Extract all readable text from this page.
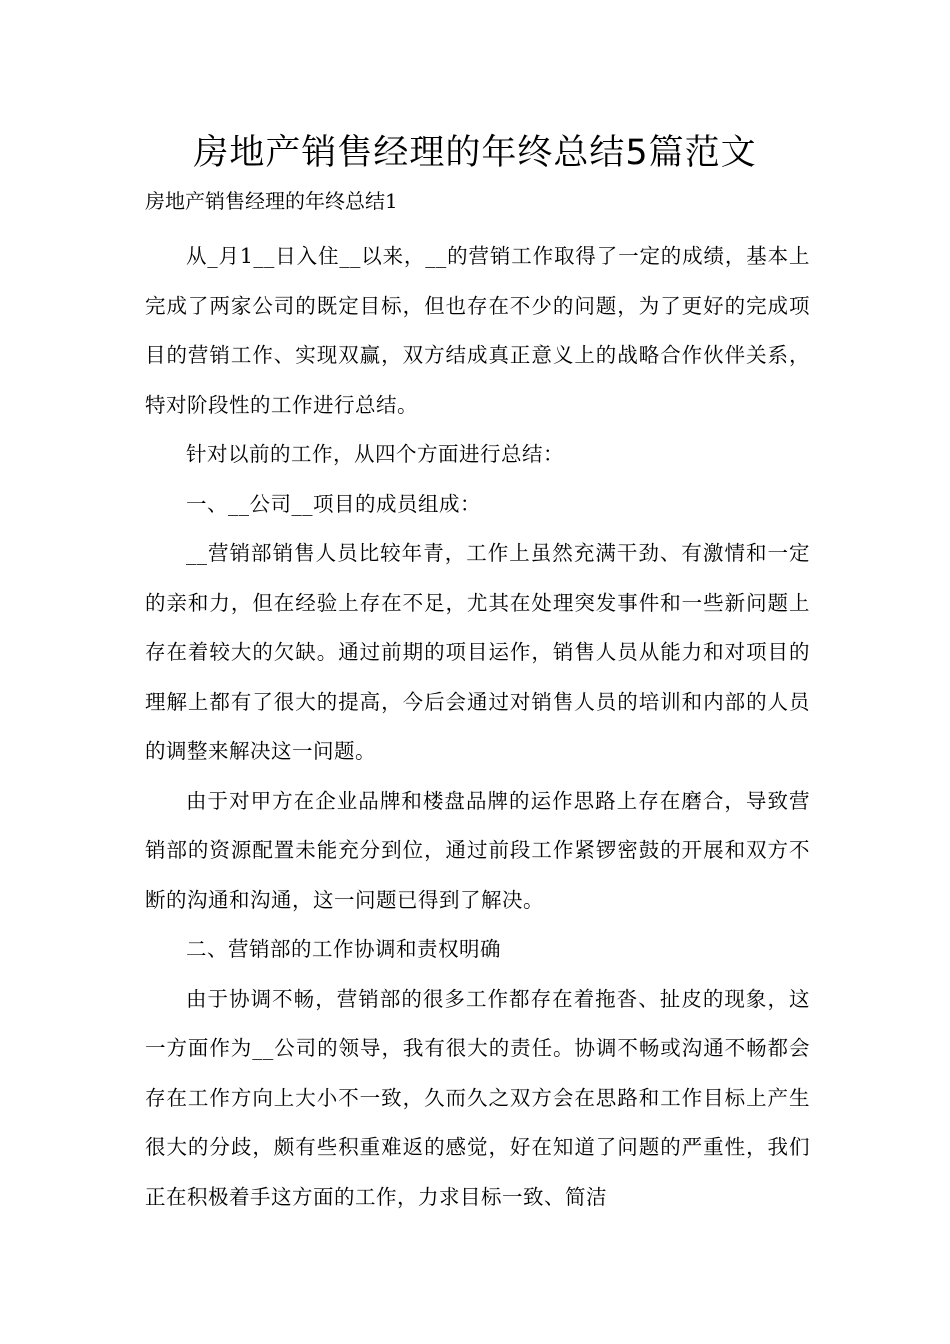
房地产销售经理的年终总结5篇范文
房地产销售经理的年终总结1

从_月1__日入住__以来，__的营销工作取得了一定的成绩，基本上完成了两家公司的既定目标，但也存在不少的问题，为了更好的完成项目的营销工作、实现双赢，双方结成真正意义上的战略合作伙伴关系，特对阶段性的工作进行总结。

针对以前的工作，从四个方面进行总结：

一、__公司__项目的成员组成：

__营销部销售人员比较年青，工作上虽然充满干劲、有激情和一定的亲和力，但在经验上存在不足，尤其在处理突发事件和一些新问题上存在着较大的欠缺。通过前期的项目运作，销售人员从能力和对项目的理解上都有了很大的提高，今后会通过对销售人员的培训和内部的人员的调整来解决这一问题。

由于对甲方在企业品牌和楼盘品牌的运作思路上存在磨合，导致营销部的资源配置未能充分到位，通过前段工作紧锣密鼓的开展和双方不断的沟通和沟通，这一问题已得到了解决。

二、营销部的工作协调和责权明确

由于协调不畅，营销部的很多工作都存在着拖沓、扯皮的现象，这一方面作为__公司的领导，我有很大的责任。协调不畅或沟通不畅都会存在工作方向上大小不一致，久而久之双方会在思路和工作目标上产生很大的分歧，颇有些积重难返的感觉，好在知道了问题的严重性，我们正在积极着手这方面的工作，力求目标一致、简洁
